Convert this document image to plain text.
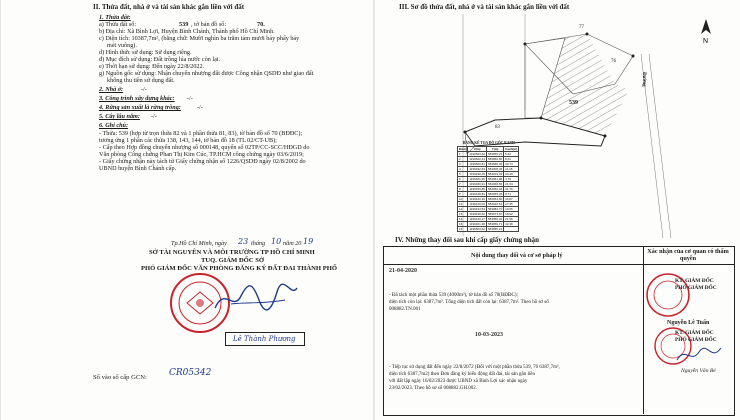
II. Thửa đất, nhà ở và tài sản khác gắn liền với đất
1. Thửa đất:
a) Thửa đất số:	539 , tờ bản đồ số:	70.
b) Địa chỉ: Xã Bình Lợi, Huyện Bình Chánh, Thành phố Hồ Chí Minh.
c) Diện tích: 10387,7m², (bằng chữ: Mười nghìn ba trăm tám mươi bảy phẩy bảy
mét vuông).
d) Hình thức sử dụng: Sử dụng riêng.
đ) Mục đích sử dụng: Đất trồng lúa nước còn lại.
e) Thời hạn sử dụng: Đến ngày 22/8/2022.
g) Nguồn gốc sử dụng: Nhận chuyển nhượng đất được Công nhận QSDĐ như giao đất
không thu tiền sử dụng đất.
2. Nhà ở:	-/-
3. Công trình xây dựng khác: -/-
4. Rừng sản xuất là rừng trồng:	-/-
5. Cây lâu năm: -/-
6. Ghi chú:
- Thửa: 539 (hợp từ trọn thửa 82 và 1 phần thửa 81, 83), tờ bản đồ số 70 (BĐĐC);
tương ứng 1 phần các thửa 138, 143, 144, tờ bản đồ 18 (TL 02/CT-UB);
- Cấp theo Hợp đồng chuyển nhượng số 000148, quyển số 02TP/CC-SCC/HĐGD do
Văn phòng Công chứng Phan Thị Kim Cúc, TP.HCM công chứng ngày 03/6/2019;
- Giấy chứng nhận này tách từ Giấy chứng nhận số 1226/QSDĐ ngày 02/8/2002 do
UBND huyện Bình Chánh cấp.
Tp.Hồ Chí Minh, ngày 23 tháng 10 năm 20 19
SỞ TÀI NGUYÊN VÀ MÔI TRƯỜNG TP HỒ CHÍ MINH
TUQ. GIÁM ĐỐC SỞ
PHÓ GIÁM ĐỐC VĂN PHÒNG ĐĂNG KÝ ĐẤT ĐAI THÀNH PHỐ
Lê Thành Phương
Số vào sổ cấp GCN: CR05342
III. Sơ đồ thửa đất, nhà ở và tài sản khác gắn liền với đất
77
76
539
83
Đường
N
BẢNG KÊ TỌA ĐỘ GÓC RANH
Điểm	X(m)	Y(m)	Cạnh(m)
1	1196503,62	583955,21	5,62
2	1196502,41	583960,60	8,01
3	1196500,81	583968,45	40,74
4	1196492,63	584008,36	11,18
5	1196490,45	584019,33	43,49
6	1196481,96	584061,98	4,70
7	1196480,91	584066,56	21,54
8	1196459,85	584062,04	31,76
9	1196428,81	584055,34	8,71
10	1196420,30	584053,50	43,87
11	1196429,04	584010,51	27,35
12	1196434,53	583983,72	10,05
13	1196436,52	583973,87	18,92
14	1196440,27	583955,32	21,56
15	1196461,38	583959,71	42,38
16	1196503,62	583955,21	
IV. Những thay đổi sau khi cấp giấy chứng nhận
Nội dung thay đổi và cơ sở pháp lý
Xác nhận của cơ quan có thẩm quyền
21-04-2020
- Đã tách một phần thửa 539 (4000m²), tờ bản đồ số 70(BĐĐC);
diện tích còn lại: 6387,7m². Tổng diện tích đất còn lại: 6387,7m². Theo hồ sơ số
008882.TN.001
10-03-2023
- Tiếp tục sử dụng đất đến ngày 22/8/2072 (Đối với một phần thửa 539, 70 6387,7m²,
diện tích 6387,7m2) theo Đơn đăng ký biến động đất đai, tài sản gắn liền
với đất lập ngày 16/02/2023 được UBND xã Bình Lợi xác nhận ngày
23/02/2023. Theo hồ sơ số 008882.GH.002.
KT. GIÁM ĐỐC
PHÓ GIÁM ĐỐC
Nguyễn Lê Tuấn
KT. GIÁM ĐỐC
PHÓ GIÁM ĐỐC
Nguyễn Văn Bé
